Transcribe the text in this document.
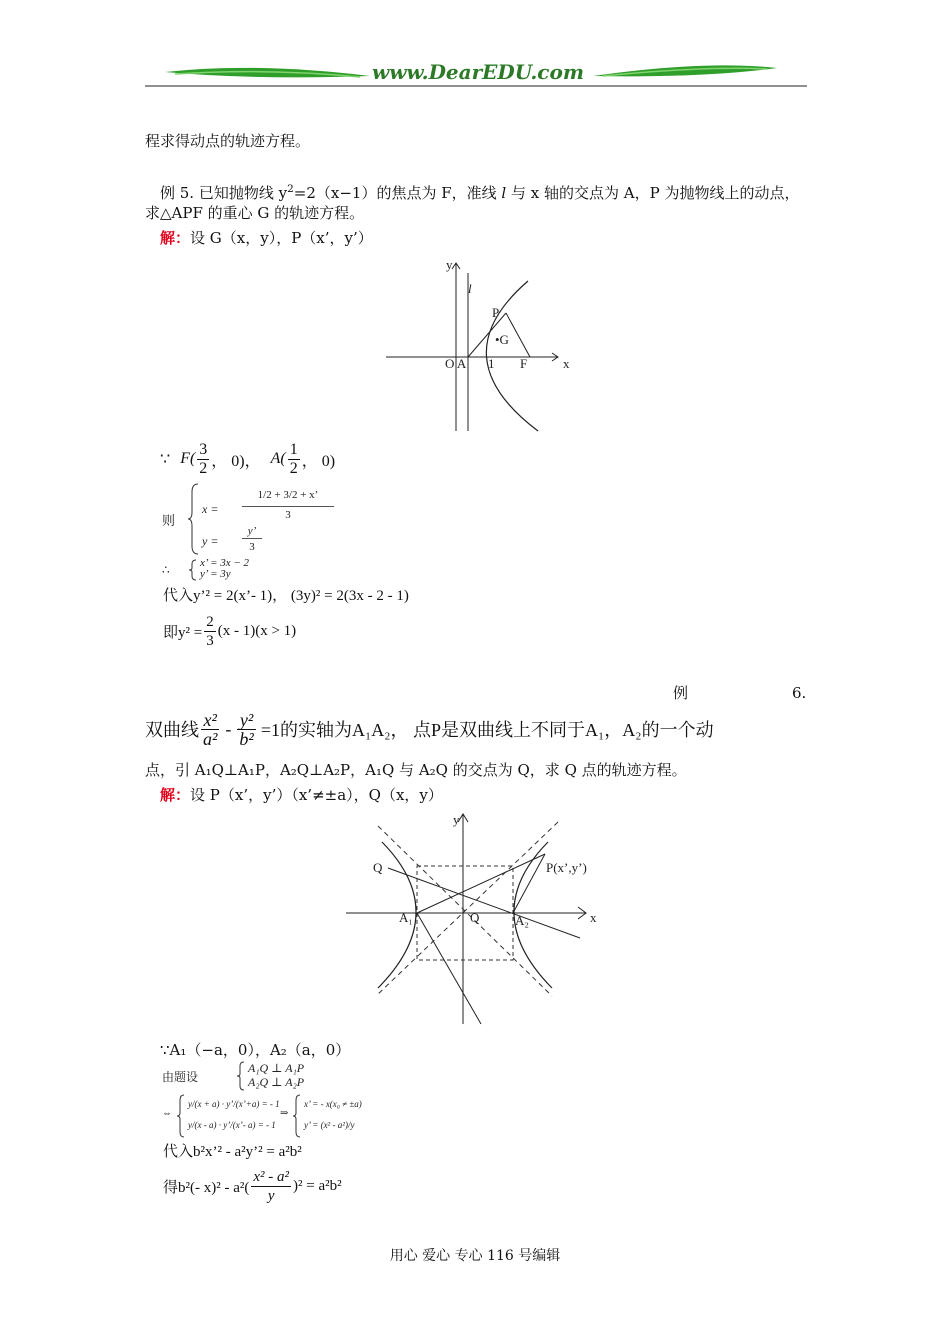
www.DearEDU.com
程求得动点的轨迹方程。
例 5. 已知抛物线 $y^2=2(x-1)$的焦点为 F，准线 l 与 x 轴的交点为 A，P 为抛物线上的动点，
求△APF 的重心 G 的轨迹方程。
解：设 G（x，y），P（x’，y’）
y
l
P
•G
O A 1 F	x
∵ $F( \frac{3}{2}$ ， 0)， $A( \frac{1}{2}$ ， 0)
则
x =
1/2 + 3/2 + x’
3
y =
y’
3
∴	x’ = 3x − 2
y’ = 3y
代入y’² = 2(x’- 1)， (3y)² = 2(3x - 2 - 1)
即$y^2 = \frac{2}{3} (x - 1)(x > 1)$
例	6.
双曲线 $\frac{\text{x²}}{\text{a²}} - \frac{\text{y²}}{\text{b²}} =1$的实轴为A₁A₂， 点P是双曲线上不同于A₁，A₂的一个动
点，引 A₁Q⊥A₁P，A₂Q⊥A₂P，A₁Q 与 A₂Q 的交点为 Q，求 Q 点的轨迹方程。
解：设 P（x’，y’）（x’≠±a），Q（x，y）
y
Q	P(x’,y’)
A₁	Q	A₂	x
∵A₁（−a，0），A₂（a，0）
由题设
A₁Q ⊥ A₁P
A₂Q ⊥ A₂P
⇔
y/(x + a) · y’/(x’+a) = - 1
y/(x - a) · y’/(x’- a) = - 1
⇒
x’ = - x(x₀ ≠ ±a)
y’ = (x² - a²)/y
代入b²x’² - a²y’² = a²b²
得b²(- $x)^2 - a^2( \frac{\text{x² - a²}}{y} )^2 = a^2b^2$
用心 爱心 专心 116 号编辑
